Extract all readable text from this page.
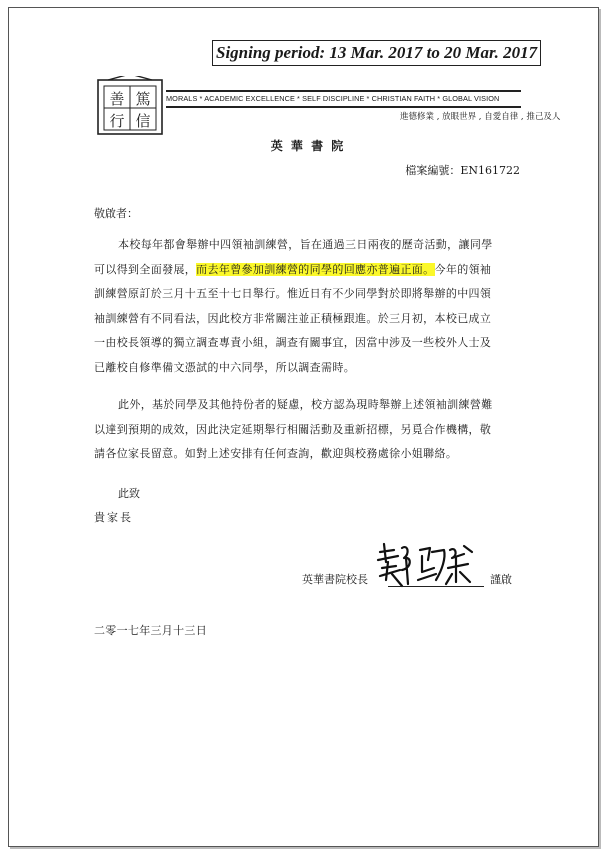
Signing period: 13 Mar. 2017 to 20 Mar. 2017
善 篤
行 信
MORALS * ACADEMIC EXCELLENCE * SELF DISCIPLINE * CHRISTIAN FAITH * GLOBAL VISION
進德修業 , 放眼世界 , 自愛自律 , 推己及人
英 華 書 院
檔案編號：EN161722
敬啟者：
本校每年都會舉辦中四領袖訓練營，旨在通過三日兩夜的歷奇活動，讓同學
可以得到全面發展，而去年曾參加訓練營的同學的回應亦普遍正面。今年的領袖
訓練營原訂於三月十五至十七日舉行。惟近日有不少同學對於即將舉辦的中四領
袖訓練營有不同看法，因此校方非常關注並正積極跟進。於三月初，本校已成立
一由校長領導的獨立調查專責小組，調查有關事宜，因當中涉及一些校外人士及
已離校自修準備文憑試的中六同學，所以調查需時。
此外，基於同學及其他持份者的疑慮，校方認為現時舉辦上述領袖訓練營難
以達到預期的成效，因此決定延期舉行相關活動及重新招標，另覓合作機構，敬
請各位家長留意。如對上述安排有任何查詢，歡迎與校務處徐小姐聯絡。
此致
貴家長
英華書院校長	謹啟
二零一七年三月十三日
